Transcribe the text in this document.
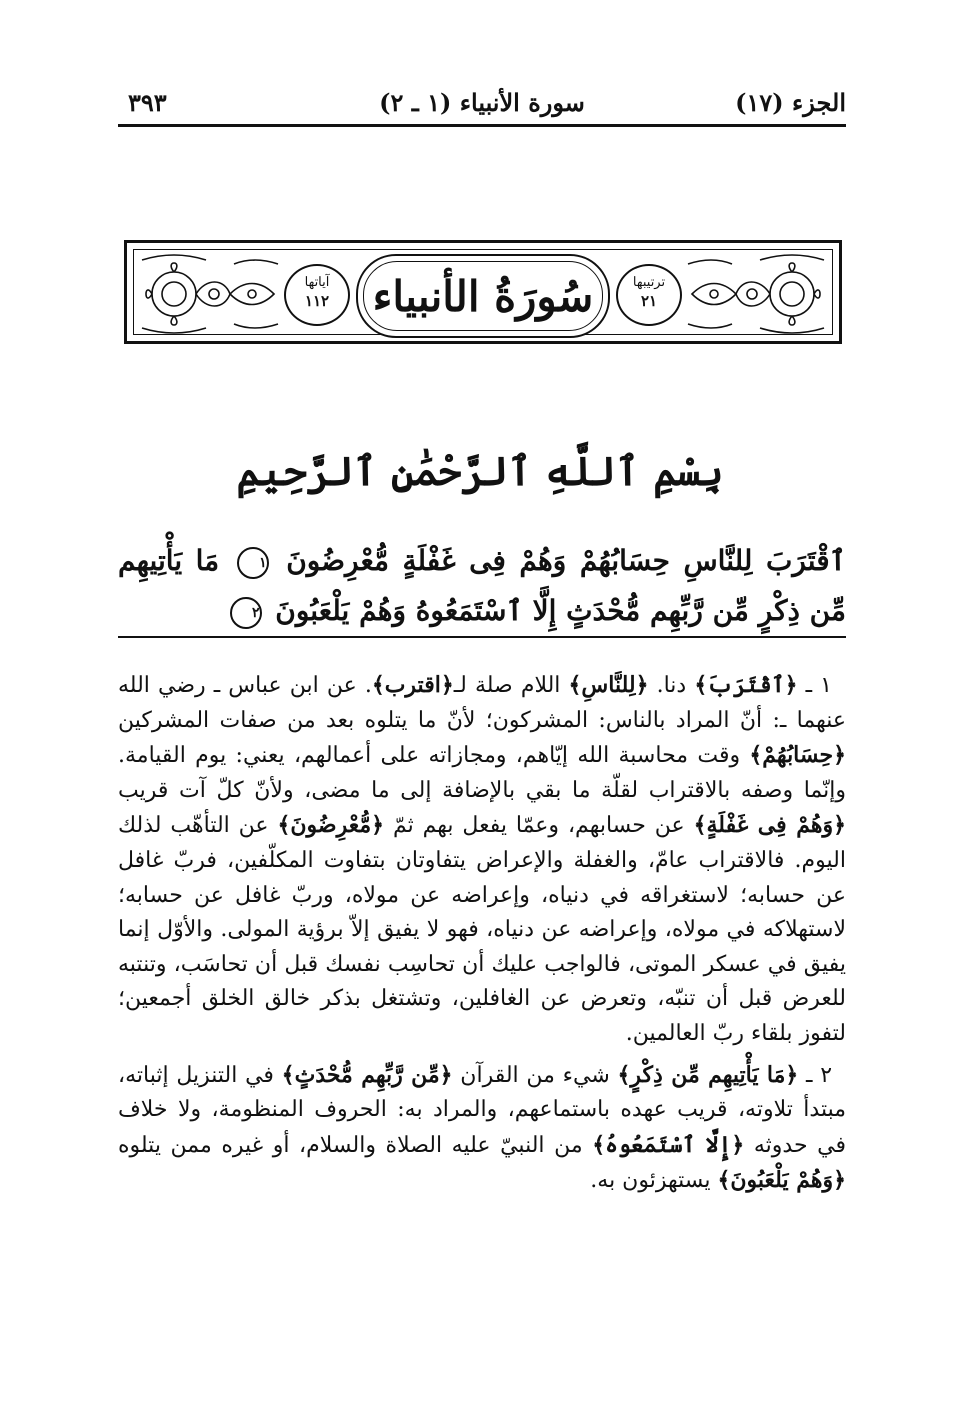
الجزء (١٧)
سورة الأنبياء (١ ـ ٢)
٣٩٣
آياتها
١١٢
ترتيبها
٢١
سُورَةُ الأنبياء
بِسْمِ ٱللَّهِ ٱلرَّحْمَٰنِ ٱلرَّحِيمِ
ٱقْتَرَبَ لِلنَّاسِ حِسَابُهُمْ وَهُمْ فِى غَفْلَةٍ مُّعْرِضُونَ ١ مَا يَأْتِيهِم مِّن ذِكْرٍ مِّن رَّبِّهِم مُّحْدَثٍ إِلَّا ٱسْتَمَعُوهُ وَهُمْ يَلْعَبُونَ ٢

١ ـ ﴿ٱقْتَرَبَ﴾ دنا. ﴿لِلنَّاسِ﴾ اللام صلة لـ﴿اقترب﴾. عن ابن عباس ـ رضي الله عنهما ـ: أنّ المراد بالناس: المشركون؛ لأنّ ما يتلوه بعد من صفات المشركين ﴿حِسَابُهُمْ﴾ وقت محاسبة الله إيّاهم، ومجازاته على أعمالهم، يعني: يوم القيامة. وإنّما وصفه بالاقتراب لقلّة ما بقي بالإضافة إلى ما مضى، ولأنّ كلّ آت قريب ﴿وَهُمْ فِى غَفْلَةٍ﴾ عن حسابهم، وعمّا يفعل بهم ثمّ ﴿مُّعْرِضُونَ﴾ عن التأهّب لذلك اليوم. فالاقتراب عامّ، والغفلة والإعراض يتفاوتان بتفاوت المكلّفين، فربّ غافل عن حسابه؛ لاستغراقه في دنياه، وإعراضه عن مولاه، وربّ غافل عن حسابه؛ لاستهلاكه في مولاه، وإعراضه عن دنياه، فهو لا يفيق إلاّ برؤية المولى. والأوّل إنما يفيق في عسكر الموتى، فالواجب عليك أن تحاسِب نفسك قبل أن تحاسَب، وتنتبه للعرض قبل أن تنبّه، وتعرض عن الغافلين، وتشتغل بذكر خالق الخلق أجمعين؛ لتفوز بلقاء ربّ العالمين.

٢ ـ ﴿مَا يَأْتِيهِم مِّن ذِكْرٍ﴾ شيء من القرآن ﴿مِّن رَّبِّهِم مُّحْدَثٍ﴾ في التنزيل إثباته، مبتدأ تلاوته، قريب عهده باستماعهم، والمراد به: الحروف المنظومة، ولا خلاف في حدوثه ﴿إِلَّا ٱسْتَمَعُوهُ﴾ من النبيّ عليه الصلاة والسلام، أو غيره ممن يتلوه ﴿وَهُمْ يَلْعَبُونَ﴾ يستهزئون به.
